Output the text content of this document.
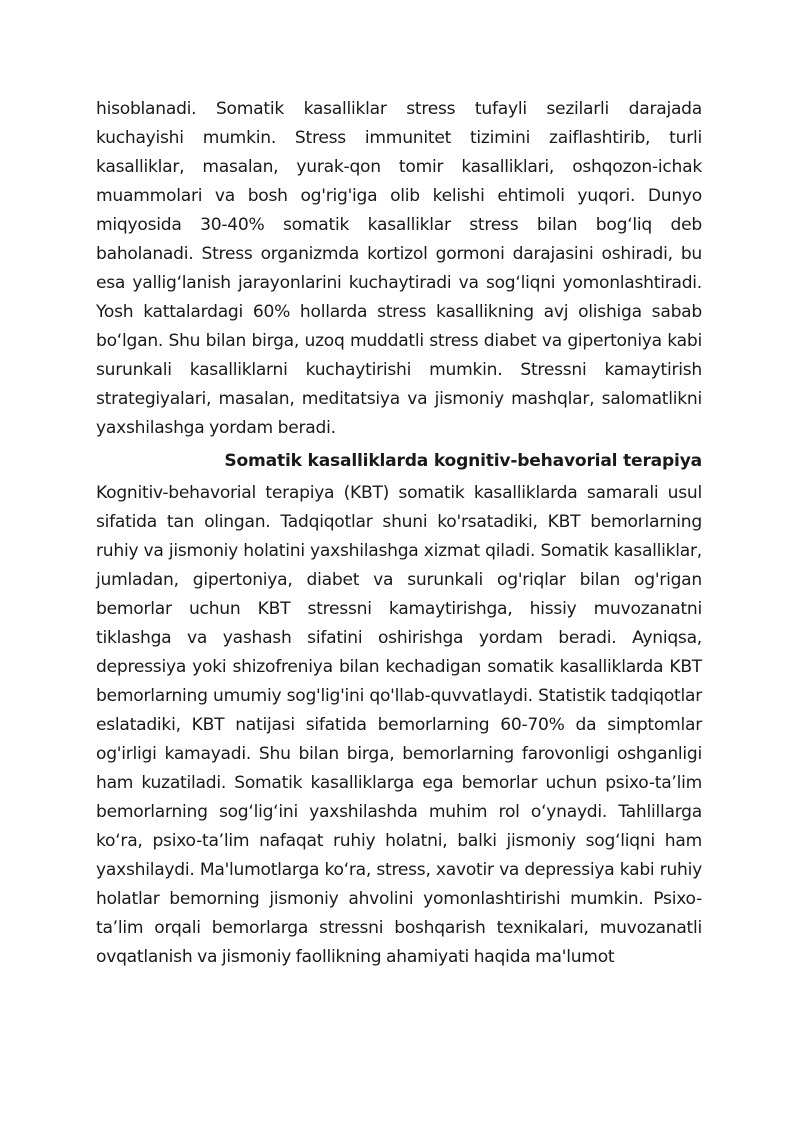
hisoblanadi. Somatik kasalliklar stress tufayli sezilarli darajada kuchayishi mumkin. Stress immunitet tizimini zaiflashtirib, turli kasalliklar, masalan, yurak-qon tomir kasalliklari, oshqozon-ichak muammolari va bosh og'rig'iga olib kelishi ehtimoli yuqori. Dunyo miqyosida 30-40% somatik kasalliklar stress bilan bog‘liq deb baholanadi. Stress organizmda kortizol gormoni darajasini oshiradi, bu esa yallig‘lanish jarayonlarini kuchaytiradi va sog‘liqni yomonlashtiradi. Yosh kattalardagi 60% hollarda stress kasallikning avj olishiga sabab bo‘lgan. Shu bilan birga, uzoq muddatli stress diabet va gipertoniya kabi surunkali kasalliklarni kuchaytirishi mumkin. Stressni kamaytirish strategiyalari, masalan, meditatsiya va jismoniy mashqlar, salomatlikni yaxshilashga yordam beradi.

Somatik kasalliklarda kognitiv-behavorial terapiya

Kognitiv-behavorial terapiya (KBT) somatik kasalliklarda samarali usul sifatida tan olingan. Tadqiqotlar shuni ko'rsatadiki, KBT bemorlarning ruhiy va jismoniy holatini yaxshilashga xizmat qiladi. Somatik kasalliklar, jumladan, gipertoniya, diabet va surunkali og'riqlar bilan og'rigan bemorlar uchun KBT stressni kamaytirishga, hissiy muvozanatni tiklashga va yashash sifatini oshirishga yordam beradi. Ayniqsa, depressiya yoki shizofreniya bilan kechadigan somatik kasalliklarda KBT bemorlarning umumiy sog'lig'ini qo'llab-quvvatlaydi. Statistik tadqiqotlar eslatadiki, KBT natijasi sifatida bemorlarning 60-70% da simptomlar og'irligi kamayadi. Shu bilan birga, bemorlarning farovonligi oshganligi ham kuzatiladi. Somatik kasalliklarga ega bemorlar uchun psixo-ta’lim bemorlarning sog‘lig‘ini yaxshilashda muhim rol o‘ynaydi. Tahlillarga ko‘ra, psixo-ta’lim nafaqat ruhiy holatni, balki jismoniy sog‘liqni ham yaxshilaydi. Ma'lumotlarga ko‘ra, stress, xavotir va depressiya kabi ruhiy holatlar bemorning jismoniy ahvolini yomonlashtirishi mumkin. Psixo-ta’lim orqali bemorlarga stressni boshqarish texnikalari, muvozanatli ovqatlanish va jismoniy faollikning ahamiyati haqida ma'lumot
